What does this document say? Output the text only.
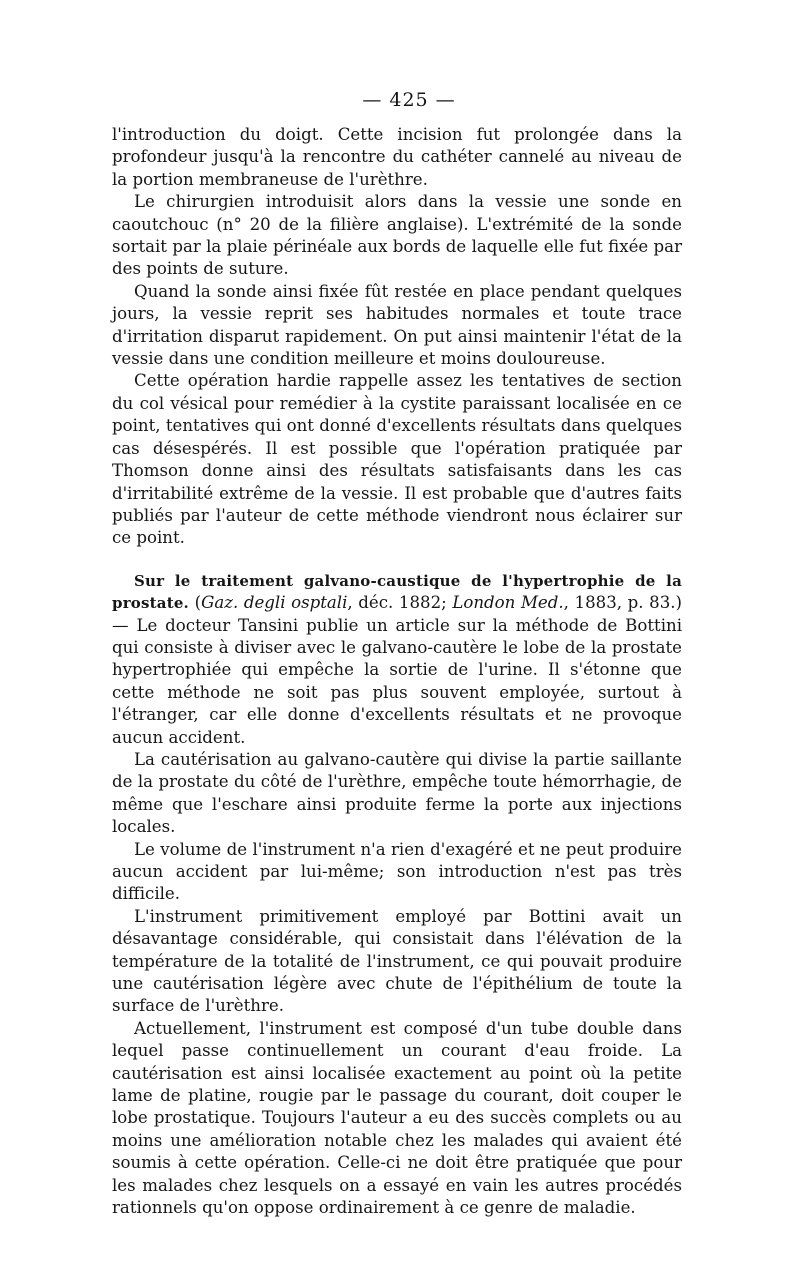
— 425 —

l'introduction du doigt. Cette incision fut prolongée dans la profondeur jusqu'à la rencontre du cathéter cannelé au niveau de la portion membraneuse de l'urèthre.

Le chirurgien introduisit alors dans la vessie une sonde en caoutchouc (n° 20 de la filière anglaise). L'extrémité de la sonde sortait par la plaie périnéale aux bords de laquelle elle fut fixée par des points de suture.

Quand la sonde ainsi fixée fût restée en place pendant quelques jours, la vessie reprit ses habitudes normales et toute trace d'irritation disparut rapidement. On put ainsi maintenir l'état de la vessie dans une condition meilleure et moins douloureuse.

Cette opération hardie rappelle assez les tentatives de section du col vésical pour remédier à la cystite paraissant localisée en ce point, tentatives qui ont donné d'excellents résultats dans quelques cas désespérés. Il est possible que l'opération pratiquée par Thomson donne ainsi des résultats satisfaisants dans les cas d'irritabilité extrême de la vessie. Il est probable que d'autres faits publiés par l'auteur de cette méthode viendront nous éclairer sur ce point.

Sur le traitement galvano-caustique de l'hypertrophie de la prostate. (Gaz. degli osptali, déc. 1882; London Med., 1883, p. 83.) — Le docteur Tansini publie un article sur la méthode de Bottini qui consiste à diviser avec le galvano-cautère le lobe de la prostate hypertrophiée qui empêche la sortie de l'urine. Il s'étonne que cette méthode ne soit pas plus souvent employée, surtout à l'étranger, car elle donne d'excellents résultats et ne provoque aucun accident.

La cautérisation au galvano-cautère qui divise la partie saillante de la prostate du côté de l'urèthre, empêche toute hémorrhagie, de même que l'eschare ainsi produite ferme la porte aux injections locales.

Le volume de l'instrument n'a rien d'exagéré et ne peut produire aucun accident par lui-même; son introduction n'est pas très difficile.

L'instrument primitivement employé par Bottini avait un désavantage considérable, qui consistait dans l'élévation de la température de la totalité de l'instrument, ce qui pouvait produire une cautérisation légère avec chute de l'épithélium de toute la surface de l'urèthre.

Actuellement, l'instrument est composé d'un tube double dans lequel passe continuellement un courant d'eau froide. La cautérisation est ainsi localisée exactement au point où la petite lame de platine, rougie par le passage du courant, doit couper le lobe prostatique. Toujours l'auteur a eu des succès complets ou au moins une amélioration notable chez les malades qui avaient été soumis à cette opération. Celle-ci ne doit être pratiquée que pour les malades chez lesquels on a essayé en vain les autres procédés rationnels qu'on oppose ordinairement à ce genre de maladie.
